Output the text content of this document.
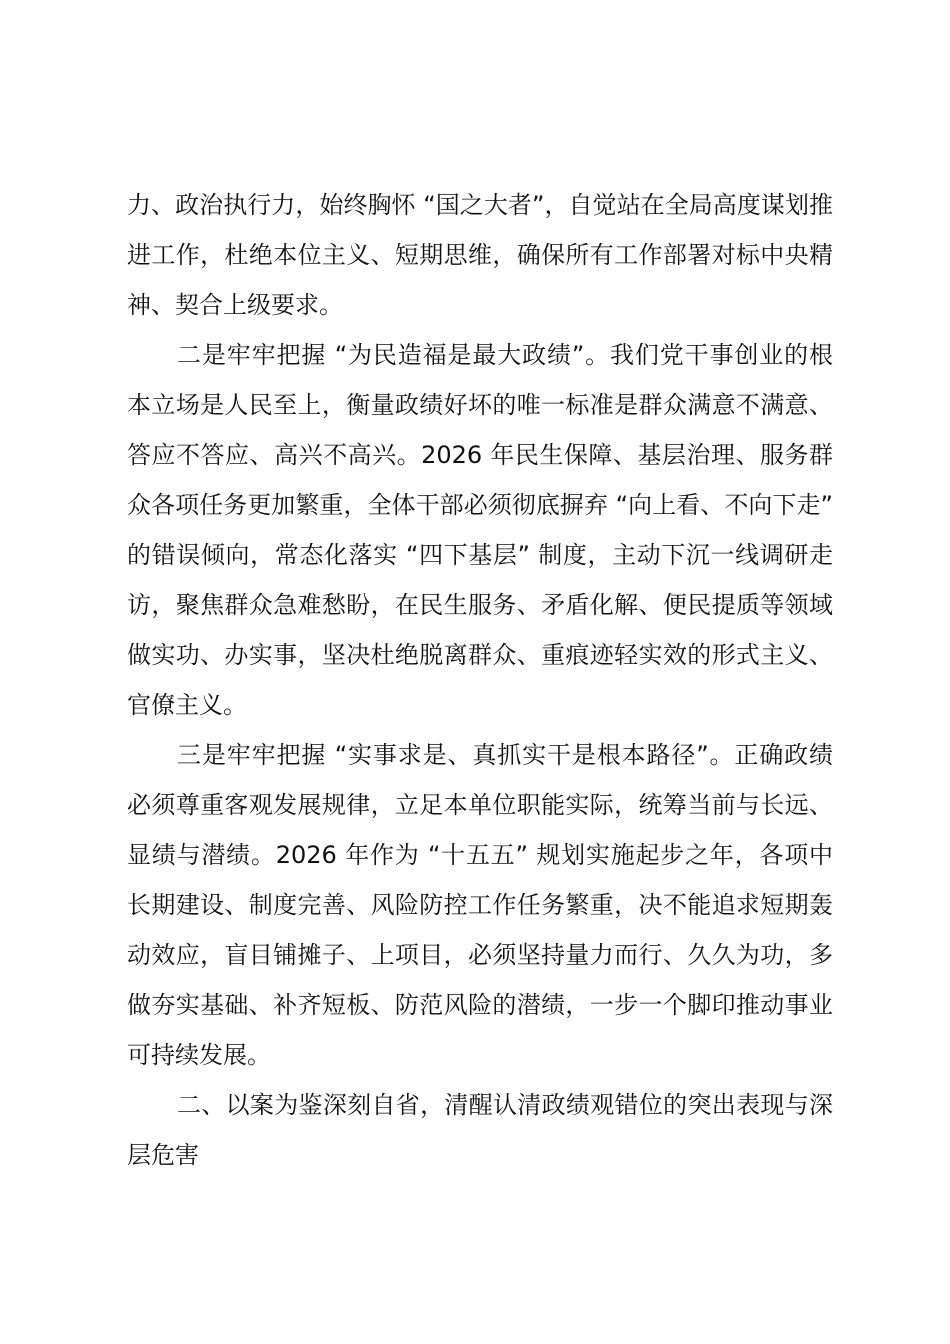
力、政治执行力，始终胸怀 “国之大者”，自觉站在全局高度谋划推进工作，杜绝本位主义、短期思维，确保所有工作部署对标中央精神、契合上级要求。

二是牢牢把握 “为民造福是最大政绩”。我们党干事创业的根本立场是人民至上，衡量政绩好坏的唯一标准是群众满意不满意、答应不答应、高兴不高兴。2026 年民生保障、基层治理、服务群众各项任务更加繁重，全体干部必须彻底摒弃 “向上看、不向下走” 的错误倾向，常态化落实 “四下基层” 制度，主动下沉一线调研走访，聚焦群众急难愁盼，在民生服务、矛盾化解、便民提质等领域做实功、办实事，坚决杜绝脱离群众、重痕迹轻实效的形式主义、官僚主义。

三是牢牢把握 “实事求是、真抓实干是根本路径”。正确政绩必须尊重客观发展规律，立足本单位职能实际，统筹当前与长远、显绩与潜绩。2026 年作为 “十五五” 规划实施起步之年，各项中长期建设、制度完善、风险防控工作任务繁重，决不能追求短期轰动效应，盲目铺摊子、上项目，必须坚持量力而行、久久为功，多做夯实基础、补齐短板、防范风险的潜绩，一步一个脚印推动事业可持续发展。

二、以案为鉴深刻自省，清醒认清政绩观错位的突出表现与深层危害
